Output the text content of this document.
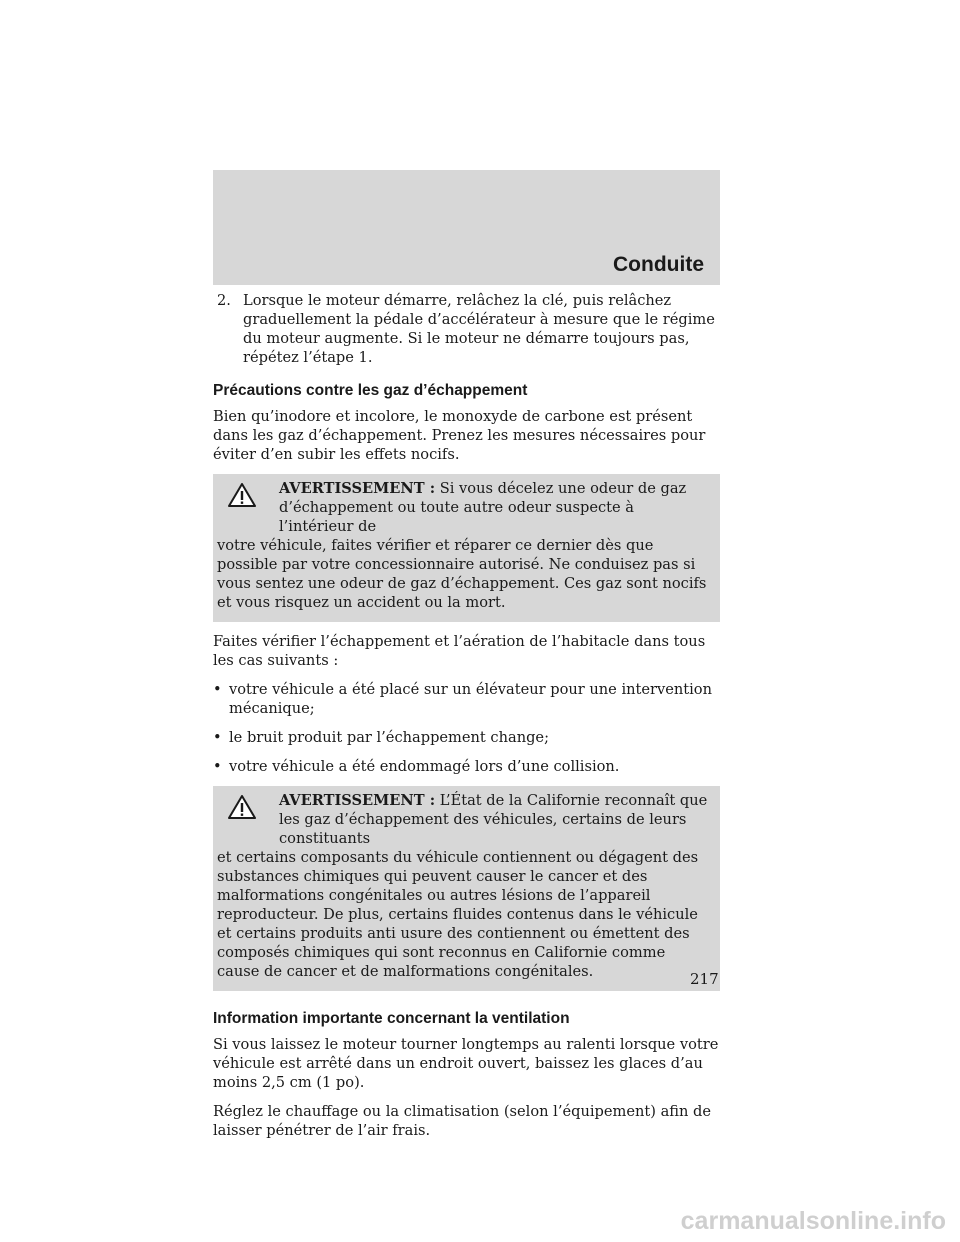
Conduite
2. Lorsque le moteur démarre, relâchez la clé, puis relâchez graduellement la pédale d’accélérateur à mesure que le régime du moteur augmente. Si le moteur ne démarre toujours pas, répétez l’étape 1.
Précautions contre les gaz d’échappement

Bien qu’inodore et incolore, le monoxyde de carbone est présent dans les gaz d’échappement. Prenez les mesures nécessaires pour éviter d’en subir les effets nocifs.

AVERTISSEMENT : Si vous décelez une odeur de gaz d’échappement ou toute autre odeur suspecte à l’intérieur de
votre véhicule, faites vérifier et réparer ce dernier dès que possible par votre concessionnaire autorisé. Ne conduisez pas si vous sentez une odeur de gaz d’échappement. Ces gaz sont nocifs et vous risquez un accident ou la mort.

Faites vérifier l’échappement et l’aération de l’habitacle dans tous les cas suivants :

• votre véhicule a été placé sur un élévateur pour une intervention mécanique;
• le bruit produit par l’échappement change;
• votre véhicule a été endommagé lors d’une collision.
AVERTISSEMENT : L’État de la Californie reconnaît que les gaz d’échappement des véhicules, certains de leurs constituants
et certains composants du véhicule contiennent ou dégagent des substances chimiques qui peuvent causer le cancer et des malformations congénitales ou autres lésions de l’appareil reproducteur. De plus, certains fluides contenus dans le véhicule et certains produits anti usure des contiennent ou émettent des composés chimiques qui sont reconnus en Californie comme cause de cancer et de malformations congénitales.
Information importante concernant la ventilation

Si vous laissez le moteur tourner longtemps au ralenti lorsque votre véhicule est arrêté dans un endroit ouvert, baissez les glaces d’au moins 2,5 cm (1 po).

Réglez le chauffage ou la climatisation (selon l’équipement) afin de laisser pénétrer de l’air frais.

217
carmanualsonline.info
